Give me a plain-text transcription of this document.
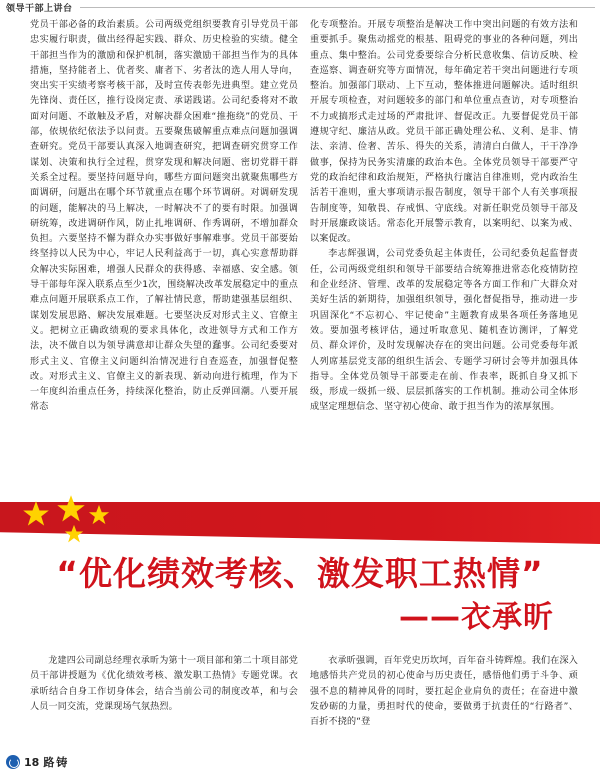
领导干部上讲台

党员干部必备的政治素质。公司两级党组织要教育引导党员干部忠实履行职责，做出经得起实践、群众、历史检验的实绩。健全干部担当作为的激励和保护机制，落实激励干部担当作为的具体措施，坚持能者上、优者奖、庸者下、劣者汰的选人用人导向，突出实干实绩考察考核干部，及时宣传表彰先进典型。建立党员先锋岗、责任区，推行设岗定责、承诺践诺。公司纪委将对不敢面对问题、不敢触及矛盾，对解决群众困难“推拖绕”的党员、干部，依规依纪依法予以问责。五要聚焦破解重点难点问题加强调查研究。党员干部要认真深入地调查研究，把调查研究贯穿工作谋划、决策和执行全过程，贯穿发现和解决问题、密切党群干群关系全过程。要坚持问题导向，哪些方面问题突出就聚焦哪些方面调研，问题出在哪个环节就重点在哪个环节调研。对调研发现的问题，能解决的马上解决，一时解决不了的要有时限。加强调研统筹，改进调研作风，防止扎堆调研、作秀调研，不增加群众负担。六要坚持不懈为群众办实事做好事解难事。党员干部要始终坚持以人民为中心，牢记人民利益高于一切，真心实意帮助群众解决实际困难，增强人民群众的获得感、幸福感、安全感。领导干部每年深入联系点至少1次，围绕解决改革发展稳定中的重点难点问题开展联系点工作，了解社情民意，帮助建强基层组织、谋划发展思路、解决发展难题。七要坚决反对形式主义、官僚主义。把树立正确政绩观的要求具体化，改进领导方式和工作方法，决不做自以为领导满意却让群众失望的蠢事。公司纪委要对形式主义、官僚主义问题纠治情况进行自查巡查，加强督促整改。对形式主义、官僚主义的新表现、新动向进行梳理，作为下一年度纠治重点任务，持续深化整治，防止反弹回潮。八要开展常态

化专项整治。开展专项整治是解决工作中突出问题的有效方法和重要抓手。聚焦动摇党的根基、阻碍党的事业的各种问题，列出重点、集中整治。公司党委要综合分析民意收集、信访反映、检查巡察、调查研究等方面情况，每年确定若干突出问题进行专项整治。加强部门联动、上下互动，整体推进问题解决。适时组织开展专项检查，对问题较多的部门和单位重点查访，对专项整治不力或搞形式走过场的严肃批评、督促改正。九要督促党员干部遵规守纪、廉洁从政。党员干部正确处理公私、义利、是非、情法、亲清、俭奢、苦乐、得失的关系，清清白白做人，干干净净做事，保持为民务实清廉的政治本色。全体党员领导干部要严守党的政治纪律和政治规矩，严格执行廉洁自律准则，党内政治生活若干准则，重大事项请示报告制度，领导干部个人有关事项报告制度等，知敬畏、存戒惧、守底线。对新任职党员领导干部及时开展廉政谈话。常态化开展警示教育，以案明纪、以案为戒、以案促改。

李志辉强调，公司党委负起主体责任，公司纪委负起监督责任，公司两级党组织和领导干部要结合统筹推进常态化疫情防控和企业经济、管理、改革的发展稳定等各方面工作和广大群众对美好生活的新期待，加强组织领导，强化督促指导，推动进一步巩固深化“不忘初心、牢记使命”主题教育成果各项任务落地见效。要加强考核评估，通过听取意见、随机查访测评，了解党员、群众评价，及时发现解决存在的突出问题。公司党委每年派人列席基层党支部的组织生活会、专题学习研讨会等并加强具体指导。全体党员领导干部要走在前、作表率，既抓自身又抓下级，形成一级抓一级、层层抓落实的工作机制。推动公司全体形成坚定理想信念、坚守初心使命、敢于担当作为的浓厚氛围。

“优化绩效考核、激发职工热情”
——衣承昕

龙建四公司副总经理衣承昕为第十一项目部和第二十项目部党员干部讲授题为《优化绩效考核、激发职工热情》专题党课。衣承昕结合自身工作切身体会，结合当前公司的制度改革，和与会人员一同交流，党课现场气氛热烈。

衣承昕强调，百年党史历坎坷，百年奋斗铸辉煌。我们在深入地感悟共产党员的初心使命与历史责任，感悟他们勇于斗争、顽强不息的精神风骨的同时，要扛起企业肩负的责任；在奋进中激发砂砺的力量，勇担时代的使命，要做勇于抗责任的“行路者”、百折不挠的“登

18 路铸
